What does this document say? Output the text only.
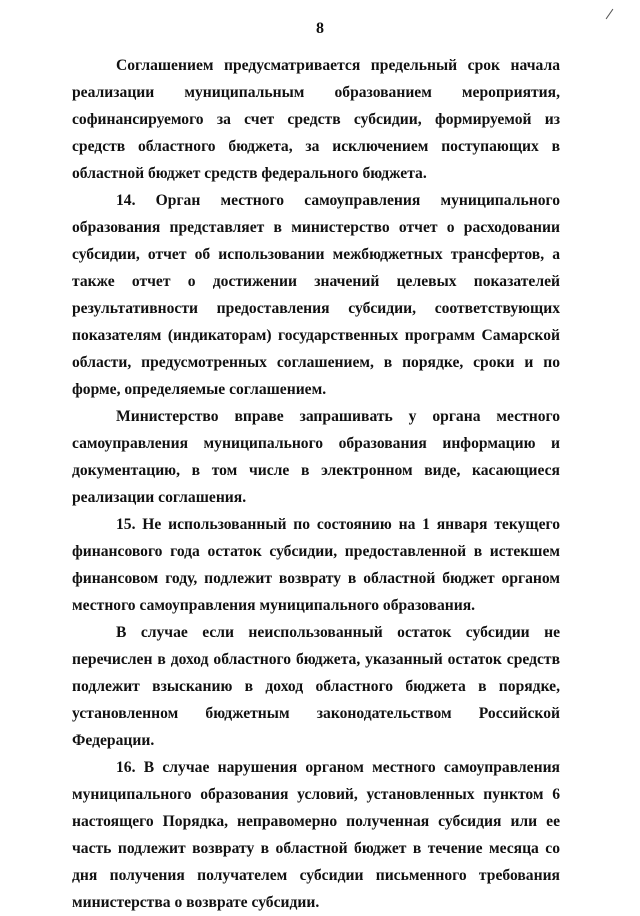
8

Соглашением предусматривается предельный срок начала реализации муниципальным образованием мероприятия, софинансируемого за счет средств субсидии, формируемой из средств областного бюджета, за исключением поступающих в областной бюджет средств федерального бюджета.

14. Орган местного самоуправления муниципального образования представляет в министерство отчет о расходовании субсидии, отчет об использовании межбюджетных трансфертов, а также отчет о достижении значений целевых показателей результативности предоставления субсидии, соответствующих показателям (индикаторам) государственных программ Самарской области, предусмотренных соглашением, в порядке, сроки и по форме, определяемые соглашением.

Министерство вправе запрашивать у органа местного самоуправления муниципального образования информацию и документацию, в том числе в электронном виде, касающиеся реализации соглашения.

15. Не использованный по состоянию на 1 января текущего финансового года остаток субсидии, предоставленной в истекшем финансовом году, подлежит возврату в областной бюджет органом местного самоуправления муниципального образования.

В случае если неиспользованный остаток субсидии не перечислен в доход областного бюджета, указанный остаток средств подлежит взысканию в доход областного бюджета в порядке, установленном бюджетным законодательством Российской Федерации.

16. В случае нарушения органом местного самоуправления муниципального образования условий, установленных пунктом 6 настоящего Порядка, неправомерно полученная субсидия или ее часть подлежит возврату в областной бюджет в течение месяца со дня получения получателем субсидии письменного требования министерства о возврате субсидии.
